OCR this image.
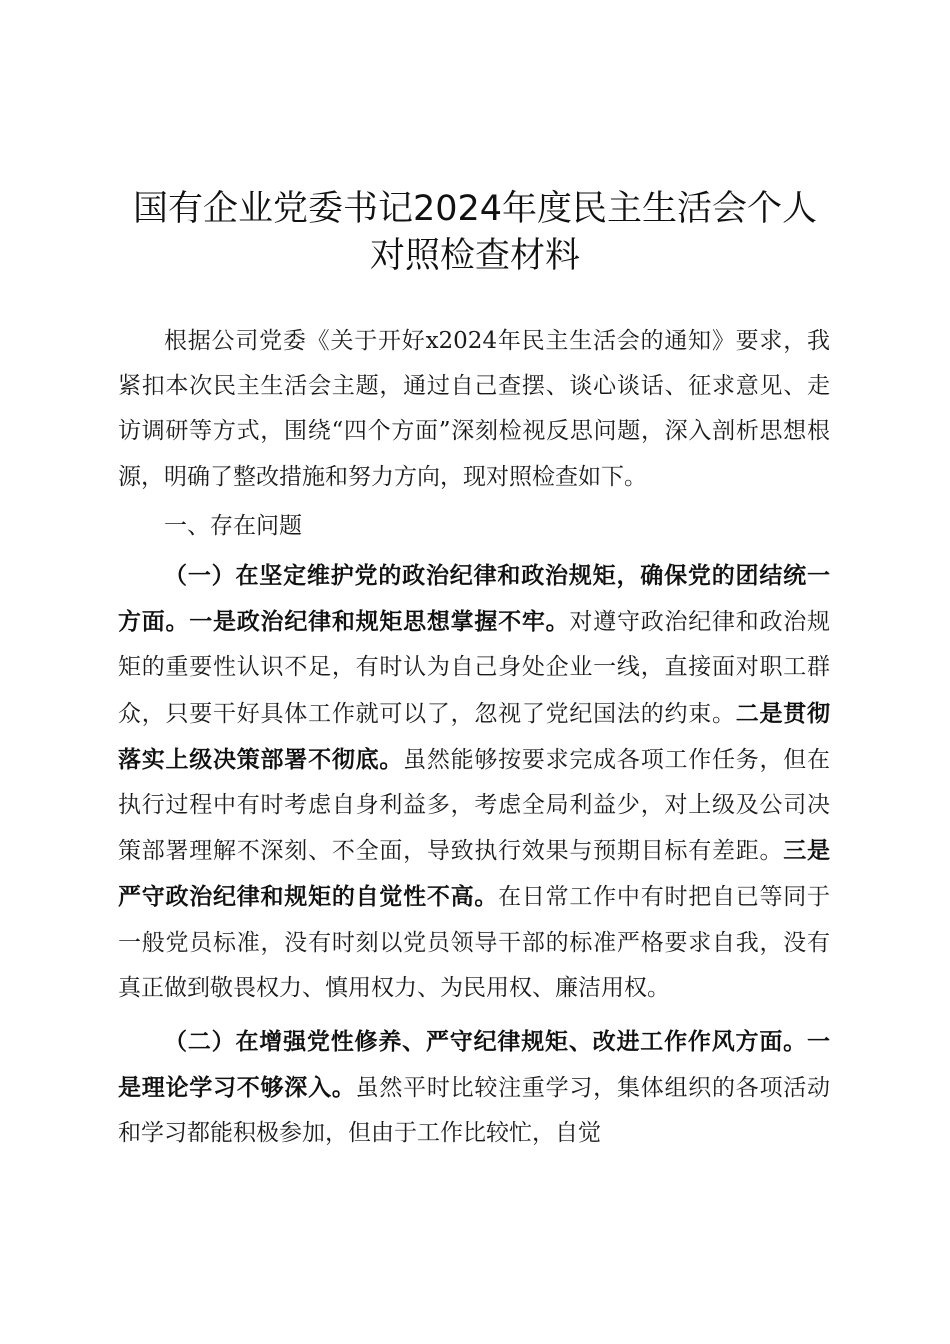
国有企业党委书记2024年度民主生活会个人
对照检查材料

根据公司党委《关于开好x2024年民主生活会的通知》要求，我紧扣本次民主生活会主题，通过自己查摆、谈心谈话、征求意见、走访调研等方式，围绕“四个方面”深刻检视反思问题，深入剖析思想根源，明确了整改措施和努力方向，现对照检查如下。

一、存在问题

（一）在坚定维护党的政治纪律和政治规矩，确保党的团结统一方面。一是政治纪律和规矩思想掌握不牢。对遵守政治纪律和政治规矩的重要性认识不足，有时认为自己身处企业一线，直接面对职工群众，只要干好具体工作就可以了，忽视了党纪国法的约束。二是贯彻落实上级决策部署不彻底。虽然能够按要求完成各项工作任务，但在执行过程中有时考虑自身利益多，考虑全局利益少，对上级及公司决策部署理解不深刻、不全面，导致执行效果与预期目标有差距。三是严守政治纪律和规矩的自觉性不高。在日常工作中有时把自已等同于一般党员标准，没有时刻以党员领导干部的标准严格要求自我，没有真正做到敬畏权力、慎用权力、为民用权、廉洁用权。

（二）在增强党性修养、严守纪律规矩、改进工作作风方面。一是理论学习不够深入。虽然平时比较注重学习，集体组织的各项活动和学习都能积极参加，但由于工作比较忙，自觉
